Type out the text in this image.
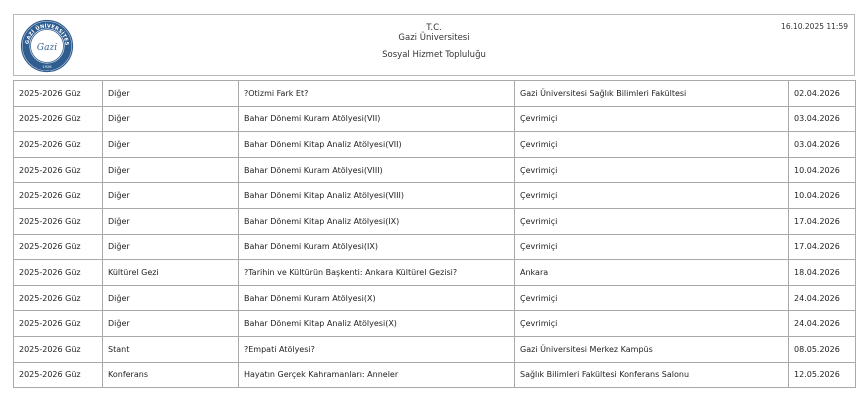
GAZİ ÜNİVERSİTES
Gazi
1926
T.C.
Gazi Üniversitesi
Sosyal Hizmet Topluluğu
16.10.2025 11:59
2025-2026 Güz	Diğer	?Otizmi Fark Et?	Gazi Üniversitesi Sağlık Bilimleri Fakültesi	02.04.2026
2025-2026 Güz	Diğer	Bahar Dönemi Kuram Atölyesi(VII)	Çevrimiçi	03.04.2026
2025-2026 Güz	Diğer	Bahar Dönemi Kitap Analiz Atölyesi(VII)	Çevrimiçi	03.04.2026
2025-2026 Güz	Diğer	Bahar Dönemi Kuram Atölyesi(VIII)	Çevrimiçi	10.04.2026
2025-2026 Güz	Diğer	Bahar Dönemi Kitap Analiz Atölyesi(VIII)	Çevrimiçi	10.04.2026
2025-2026 Güz	Diğer	Bahar Dönemi Kitap Analiz Atölyesi(IX)	Çevrimiçi	17.04.2026
2025-2026 Güz	Diğer	Bahar Dönemi Kuram Atölyesi(IX)	Çevrimiçi	17.04.2026
2025-2026 Güz	Kültürel Gezi	?Tarihin ve Kültürün Başkenti: Ankara Kültürel Gezisi?	Ankara	18.04.2026
2025-2026 Güz	Diğer	Bahar Dönemi Kuram Atölyesi(X)	Çevrimiçi	24.04.2026
2025-2026 Güz	Diğer	Bahar Dönemi Kitap Analiz Atölyesi(X)	Çevrimiçi	24.04.2026
2025-2026 Güz	Stant	?Empati Atölyesi?	Gazi Üniversitesi Merkez Kampüs	08.05.2026
2025-2026 Güz	Konferans	Hayatın Gerçek Kahramanları: Anneler	Sağlık Bilimleri Fakültesi Konferans Salonu	12.05.2026
